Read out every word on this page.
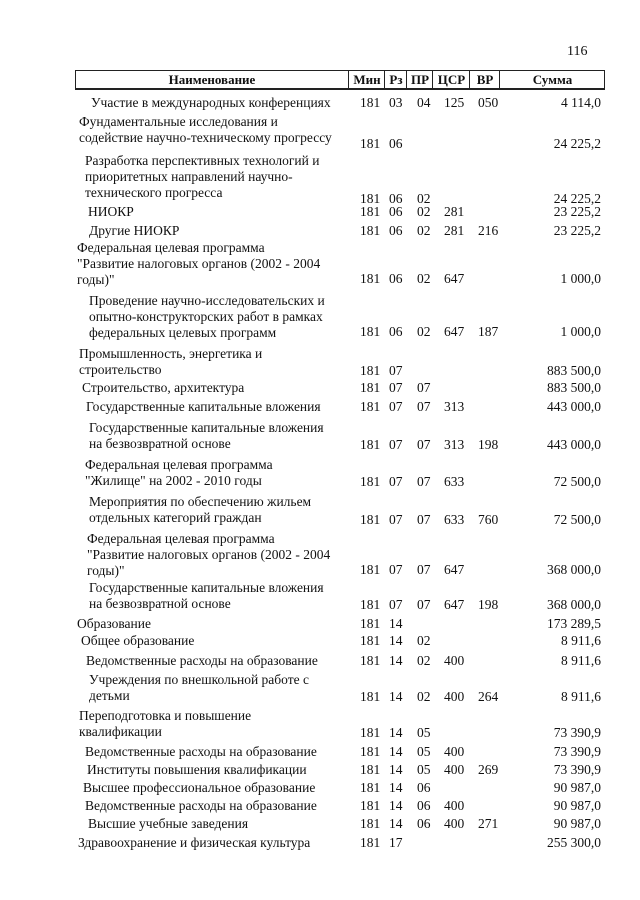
116
Наименование	Мин Рз ПР ЦСР ВР	Сумма
Участие в международных конференциях	181 03 04 125 050	4 114,0
Фундаментальные исследования и
содействие научно-техническому прогрессу	181 06	24 225,2
Разработка перспективных технологий и
приоритетных направлений научно-
технического прогресса	181 06 02	24 225,2
НИОКР	181 06 02 281	23 225,2
Другие НИОКР	181 06 02 281 216	23 225,2
Федеральная целевая программа
"Развитие налоговых органов (2002 - 2004
годы)"	181 06 02 647	1 000,0
Проведение научно-исследовательских и
опытно-конструкторских работ в рамках
федеральных целевых программ	181 06 02 647 187	1 000,0
Промышленность, энергетика и
строительство	181 07	883 500,0
Строительство, архитектура	181 07 07	883 500,0
Государственные капитальные вложения	181 07 07 313	443 000,0
Государственные капитальные вложения
на безвозвратной основе	181 07 07 313 198	443 000,0
Федеральная целевая программа
"Жилище" на 2002 - 2010 годы	181 07 07 633	72 500,0
Мероприятия по обеспечению жильем
отдельных категорий граждан	181 07 07 633 760	72 500,0
Федеральная целевая программа
"Развитие налоговых органов (2002 - 2004
годы)"	181 07 07 647	368 000,0
Государственные капитальные вложения
на безвозвратной основе	181 07 07 647 198	368 000,0
Образование	181 14	173 289,5
Общее образование	181 14 02	8 911,6
Ведомственные расходы на образование	181 14 02 400	8 911,6
Учреждения по внешкольной работе с
детьми	181 14 02 400 264	8 911,6
Переподготовка и повышение
квалификации	181 14 05	73 390,9
Ведомственные расходы на образование	181 14 05 400	73 390,9
Институты повышения квалификации	181 14 05 400 269	73 390,9
Высшее профессиональное образование	181 14 06	90 987,0
Ведомственные расходы на образование	181 14 06 400	90 987,0
Высшие учебные заведения	181 14 06 400 271	90 987,0
Здравоохранение и физическая культура	181 17	255 300,0
